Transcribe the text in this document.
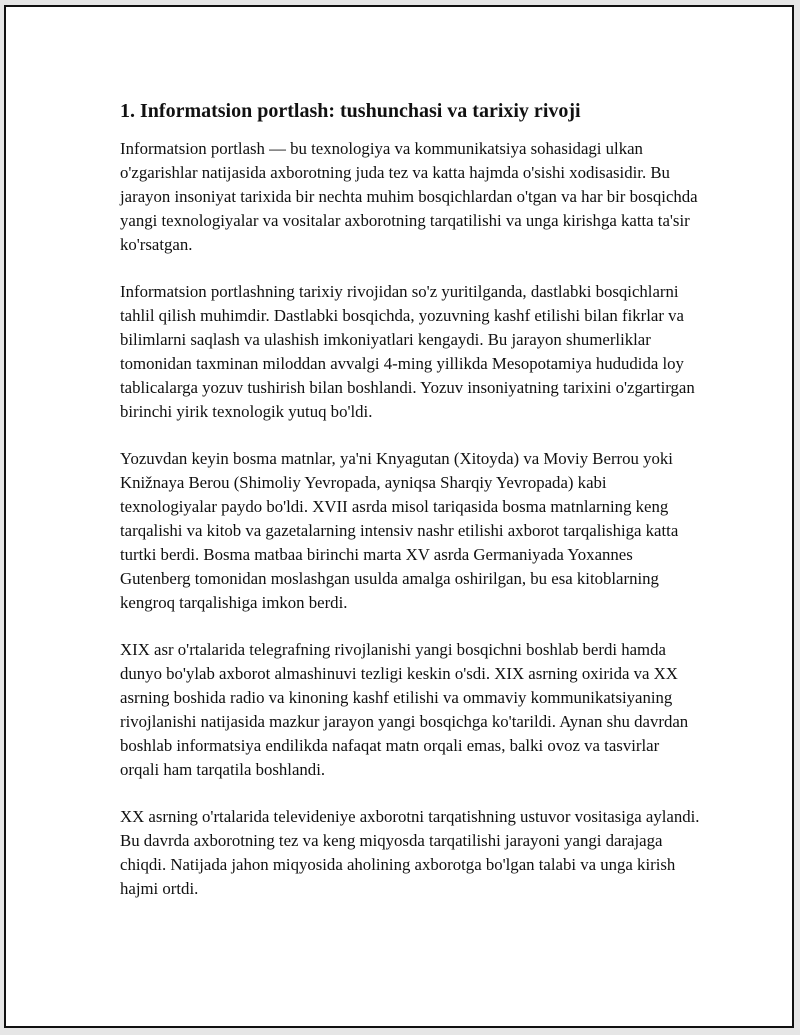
1. Informatsion portlash: tushunchasi va tarixiy rivoji

Informatsion portlash — bu texnologiya va kommunikatsiya sohasidagi ulkan o'zgarishlar natijasida axborotning juda tez va katta hajmda o'sishi xodisasidir. Bu jarayon insoniyat tarixida bir nechta muhim bosqichlardan o'tgan va har bir bosqichda yangi texnologiyalar va vositalar axborotning tarqatilishi va unga kirishga katta ta'sir ko'rsatgan.

Informatsion portlashning tarixiy rivojidan so'z yuritilganda, dastlabki bosqichlarni tahlil qilish muhimdir. Dastlabki bosqichda, yozuvning kashf etilishi bilan fikrlar va bilimlarni saqlash va ulashish imkoniyatlari kengaydi. Bu jarayon shumerliklar tomonidan taxminan miloddan avvalgi 4-ming yillikda Mesopotamiya hududida loy tablicalarga yozuv tushirish bilan boshlandi. Yozuv insoniyatning tarixini o'zgartirgan birinchi yirik texnologik yutuq bo'ldi.

Yozuvdan keyin bosma matnlar, ya'ni Knyagutan (Xitoyda) va Moviy Berrou yoki Knižnaya Berou (Shimoliy Yevropada, ayniqsa Sharqiy Yevropada) kabi texnologiyalar paydo bo'ldi. XVII asrda misol tariqasida bosma matnlarning keng tarqalishi va kitob va gazetalarning intensiv nashr etilishi axborot tarqalishiga katta turtki berdi. Bosma matbaa birinchi marta XV asrda Germaniyada Yoxannes Gutenberg tomonidan moslashgan usulda amalga oshirilgan, bu esa kitoblarning kengroq tarqalishiga imkon berdi.

XIX asr o'rtalarida telegrafning rivojlanishi yangi bosqichni boshlab berdi hamda dunyo bo'ylab axborot almashinuvi tezligi keskin o'sdi. XIX asrning oxirida va XX asrning boshida radio va kinoning kashf etilishi va ommaviy kommunikatsiyaning rivojlanishi natijasida mazkur jarayon yangi bosqichga ko'tarildi. Aynan shu davrdan boshlab informatsiya endilikda nafaqat matn orqali emas, balki ovoz va tasvirlar orqali ham tarqatila boshlandi.

XX asrning o'rtalarida televideniye axborotni tarqatishning ustuvor vositasiga aylandi. Bu davrda axborotning tez va keng miqyosda tarqatilishi jarayoni yangi darajaga chiqdi. Natijada jahon miqyosida aholining axborotga bo'lgan talabi va unga kirish hajmi ortdi.
